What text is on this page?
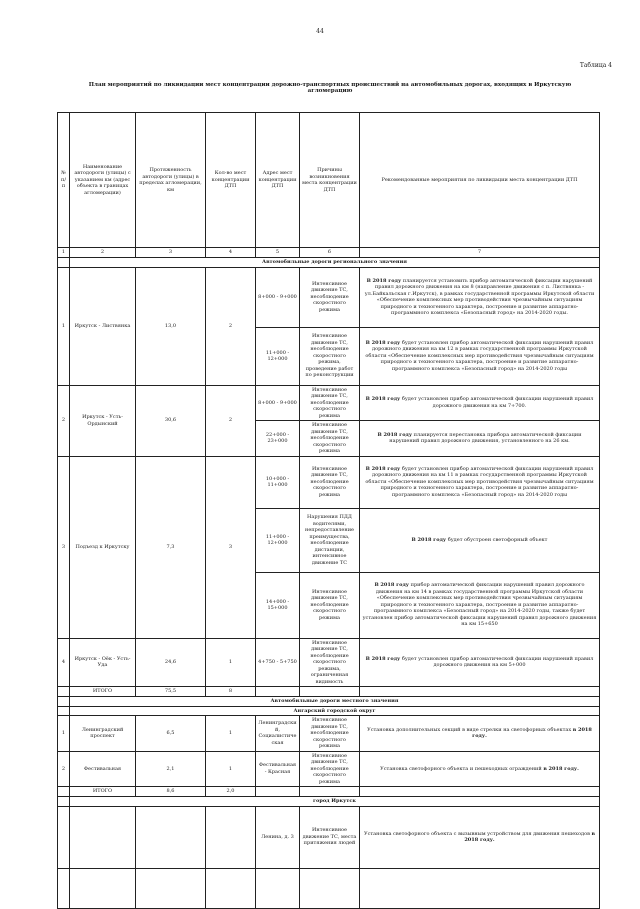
44
Таблица 4
План мероприятий по ликвидации мест концентрации дорожно-транспортных происшествий на автомобильных дорогах, входящих в Иркутскую агломерацию
№ п/п	Наименование автодороги (улицы) с указанием км (адрес объекта в границах агломерации)	Протяженность автодороги (улицы) в пределах агломерации, км	Кол-во мест концентрации ДТП	Адрес мест концентрации ДТП	Причины возникновения места концентрации ДТП	Рекомендованные мероприятия по ликвидации места концентрации ДТП
1	2	3	4	5	6	7
	Автомобильные дороги регионального значения					
1	Иркутск - Листвянка	13,0	2	8+000 - 9+000	Интенсивное движение ТС, несоблюдение скоростного режима	В 2018 году планируется установить прибор автоматической фиксации нарушений правил дорожного движения на км 8 (направление движения с п. Листвянка - ул.Байкальская г.Иркутск), в рамках государственной программы Иркутской области «Обеспечение комплексных мер противодействия чрезвычайным ситуациям природного и техногенного характера, построение и развитие аппаратно-программного комплекса «Безопасный город» на 2014-2020 годы.
				11+000 - 12+000	Интенсивное движение ТС, несоблюдение скоростного режима, проведение работ по реконструкции	В 2018 году будет установлен прибор автоматической фиксации нарушений правил дорожного движения на км 12 в рамках государственной программы Иркутской области «Обеспечение комплексных мер противодействия чрезвычайным ситуациям природного и техногенного характера, построение и развитие аппаратно-программного комплекса «Безопасный город» на 2014-2020 годы
2	Иркутск - Усть-Ордынский	30,6	2	8+000 - 9+000	Интенсивное движение ТС, несоблюдение скоростного режима	В 2018 году будет установлен прибор автоматической фиксации нарушений правил дорожного движения на км 7+700.
				22+000 - 23+000	Интенсивное движение ТС, несоблюдение скоростного режима	В 2018 году планируется перестановка прибора автоматической фиксации нарушений правил дорожного движения, установленного на 26 км.
3	Подъезд к Иркутску	7,3	3	10+000 - 11+000	Интенсивное движение ТС, несоблюдение скоростного режима	В 2018 году будет установлен прибор автоматической фиксации нарушений правил дорожного движения на км 11 в рамках государственной программы Иркутской области «Обеспечение комплексных мер противодействия чрезвычайным ситуациям природного и техногенного характера, построение и развитие аппаратно-программного комплекса «Безопасный город» на 2014-2020 годы
				11+000 - 12+000	Нарушения ПДД водителями, непредоставление преимущества, несоблюдение дистанции, интенсивное движение ТС	В 2018 году будет обустроен светофорный объект
				14+000 - 15+000	Интенсивное движение ТС, несоблюдение скоростного режима	В 2018 году прибор автоматической фиксации нарушений правил дорожного движения на км 14 в рамках государственной программы Иркутской области «Обеспечение комплексных мер противодействия чрезвычайным ситуациям природного и техногенного характера, построение и развитие аппаратно-программного комплекса «Безопасный город» на 2014-2020 годы, также будет установлен прибор автоматической фиксации нарушений правил дорожного движения на км 15+650
4	Иркутск - Оёк - Усть-Уда	24,6	1	4+750 - 5+750	Интенсивное движение ТС, несоблюдение скоростного режима, ограниченная видимость	В 2018 году будет установлен прибор автоматической фиксации нарушений правил дорожного движения на км 5+000
	ИТОГО	75,5	8			
	Автомобильные дороги местного значения					
	Ангарский городской округ					
1	Ленинградский проспект	6,5	1	Ленинградский, Социалистическая	Интенсивное движение ТС, несоблюдение скоростного режима	Установка дополнительных секций в виде стрелки на светофорных объектах в 2018 году.
2	Фестивальная	2,1	1	Фестивальная - Красная	Интенсивное движение ТС, несоблюдение скоростного режима	Установка светофорного объекта и пешеходных ограждений в 2018 году.
	ИТОГО	8,6	2,0			
	город Иркутск					
				Ленина, д. 3	Интенсивное движение ТС, места притяжения людей	Установка светофорного объекта с вызывным устройством для движения пешеходов в 2018 году.
